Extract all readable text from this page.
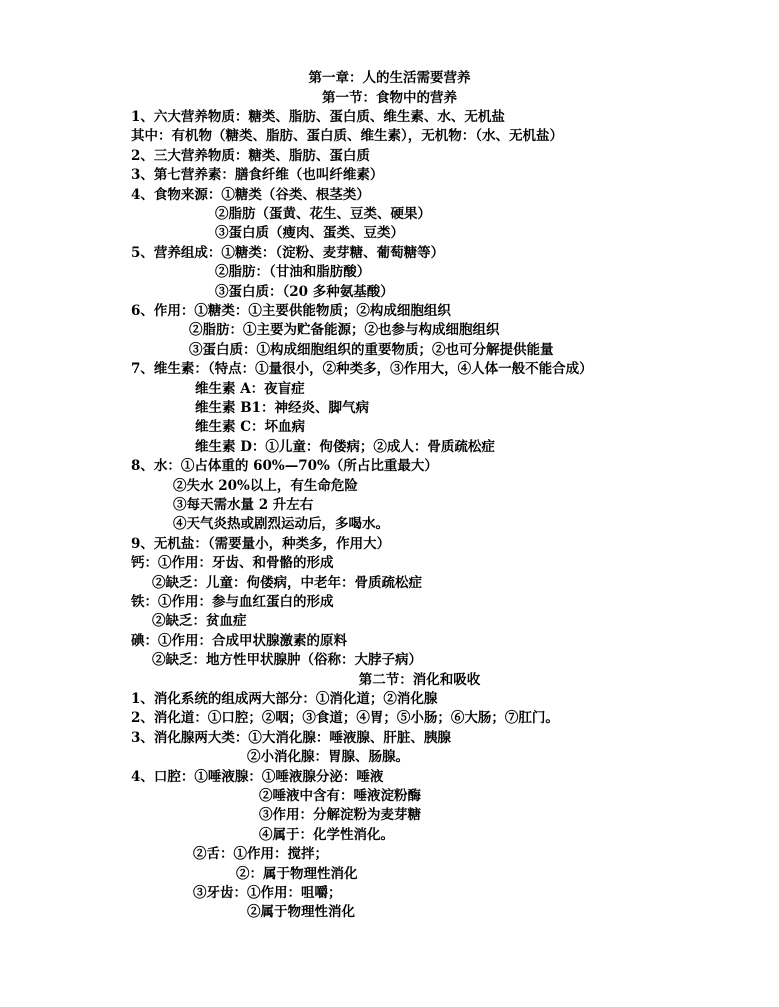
第一章：人的生活需要营养
第一节：食物中的营养
1、六大营养物质：糖类、脂肪、蛋白质、维生素、水、无机盐
其中：有机物（糖类、脂肪、蛋白质、维生素），无机物：（水、无机盐）
2、三大营养物质：糖类、脂肪、蛋白质
3、第七营养素：膳食纤维（也叫纤维素）
4、食物来源：①糖类（谷类、根茎类）
②脂肪（蛋黄、花生、豆类、硬果）
③蛋白质（瘦肉、蛋类、豆类）
5、营养组成：①糖类：（淀粉、麦芽糖、葡萄糖等）
②脂肪：（甘油和脂肪酸）
③蛋白质：（20 多种氨基酸）
6、作用：①糖类：①主要供能物质；②构成细胞组织
②脂肪：①主要为贮备能源；②也参与构成细胞组织
③蛋白质：①构成细胞组织的重要物质；②也可分解提供能量
7、维生素：（特点：①量很小，②种类多，③作用大，④人体一般不能合成）
维生素 A：夜盲症
维生素 B1：神经炎、脚气病
维生素 C：坏血病
维生素 D：①儿童：佝偻病；②成人：骨质疏松症
8、水：①占体重的 60%—70%（所占比重最大）
②失水 20%以上，有生命危险
③每天需水量 2 升左右
④天气炎热或剧烈运动后，多喝水。
9、无机盐：（需要量小，种类多，作用大）
钙：①作用：牙齿、和骨骼的形成
②缺乏：儿童：佝偻病，中老年：骨质疏松症
铁：①作用：参与血红蛋白的形成
②缺乏：贫血症
碘：①作用：合成甲状腺激素的原料
②缺乏：地方性甲状腺肿（俗称：大脖子病）
第二节：消化和吸收
1、消化系统的组成两大部分：①消化道；②消化腺
2、消化道：①口腔；②咽；③食道；④胃；⑤小肠；⑥大肠；⑦肛门。
3、消化腺两大类：①大消化腺：唾液腺、肝脏、胰腺
②小消化腺：胃腺、肠腺。
4、口腔：①唾液腺：①唾液腺分泌：唾液
②唾液中含有：唾液淀粉酶
③作用：分解淀粉为麦芽糖
④属于：化学性消化。
②舌：①作用：搅拌；
②：属于物理性消化
③牙齿：①作用：咀嚼；
②属于物理性消化
